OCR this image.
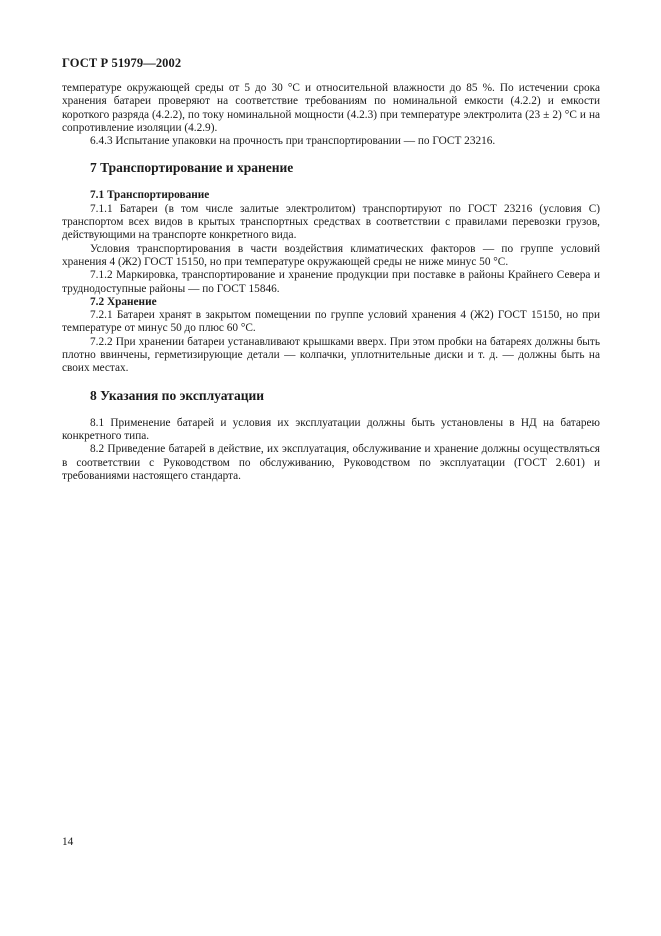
ГОСТ Р 51979—2002

температуре окружающей среды от 5 до 30 °С и относительной влажности до 85 %. По истечении срока хранения батареи проверяют на соответствие требованиям по номинальной емкости (4.2.2) и емкости короткого разряда (4.2.2), по току номинальной мощности (4.2.3) при температуре электролита (23 ± 2) °С и на сопротивление изоляции (4.2.9).

6.4.3 Испытание упаковки на прочность при транспортировании — по ГОСТ 23216.

7 Транспортирование и хранение
7.1 Транспортирование

7.1.1 Батареи (в том числе залитые электролитом) транспортируют по ГОСТ 23216 (условия С) транспортом всех видов в крытых транспортных средствах в соответствии с правилами перевозки грузов, действующими на транспорте конкретного вида.

Условия транспортирования в части воздействия климатических факторов — по группе условий хранения 4 (Ж2) ГОСТ 15150, но при температуре окружающей среды не ниже минус 50 °С.

7.1.2 Маркировка, транспортирование и хранение продукции при поставке в районы Крайнего Севера и труднодоступные районы — по ГОСТ 15846.

7.2 Хранение

7.2.1 Батареи хранят в закрытом помещении по группе условий хранения 4 (Ж2) ГОСТ 15150, но при температуре от минус 50 до плюс 60 °С.

7.2.2 При хранении батареи устанавливают крышками вверх. При этом пробки на батареях должны быть плотно ввинчены, герметизирующие детали — колпачки, уплотнительные диски и т. д. — должны быть на своих местах.

8 Указания по эксплуатации

8.1 Применение батарей и условия их эксплуатации должны быть установлены в НД на батарею конкретного типа.

8.2 Приведение батарей в действие, их эксплуатация, обслуживание и хранение должны осуществляться в соответствии с Руководством по обслуживанию, Руководством по эксплуатации (ГОСТ 2.601) и требованиями настоящего стандарта.

14
